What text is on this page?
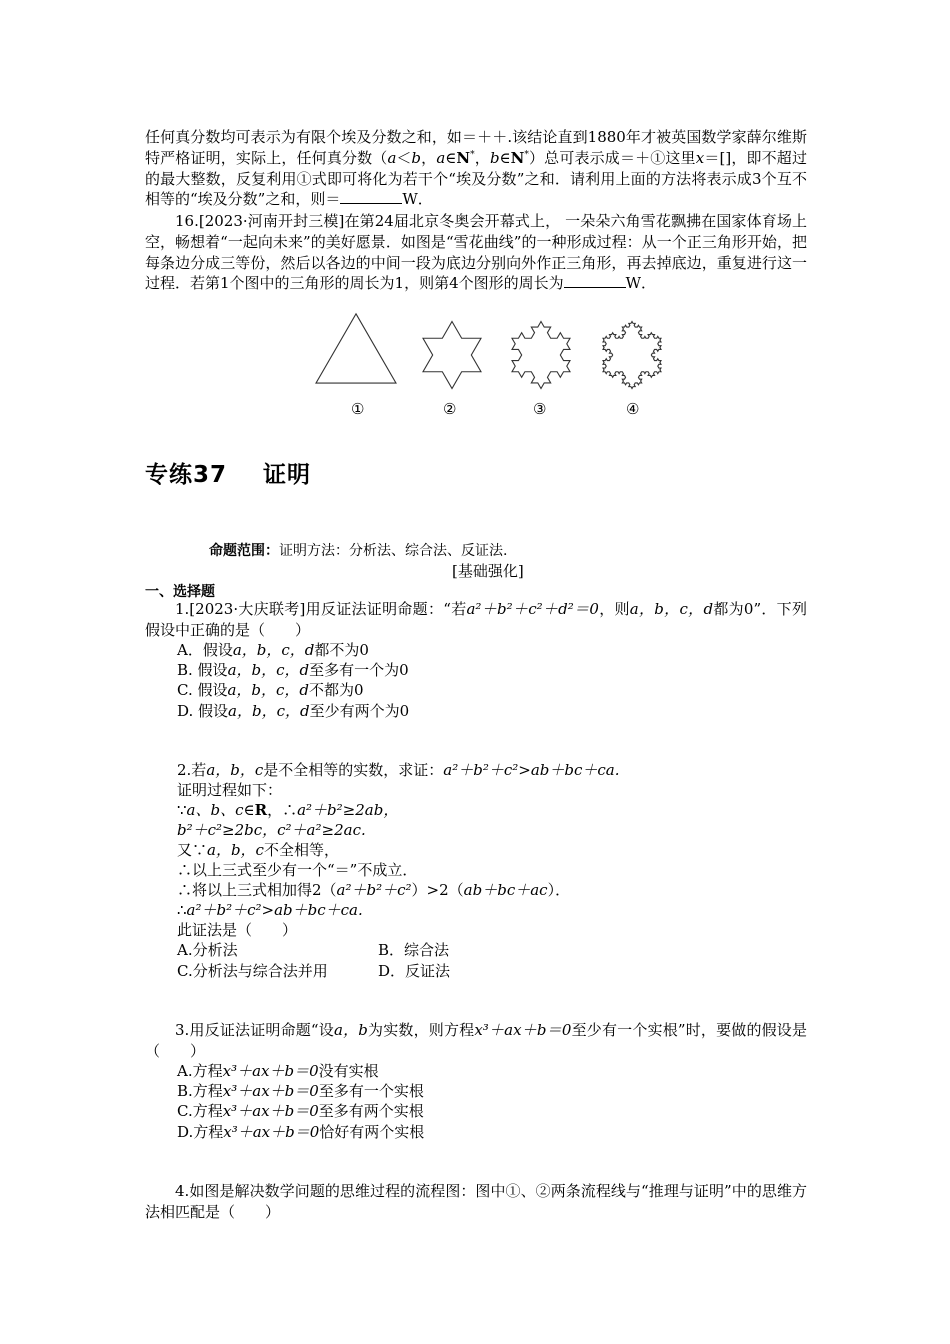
任何真分数均可表示为有限个埃及分数之和，如＝＋＋.该结论直到1880年才被英国数学家薛尔维斯特严格证明，实际上，任何真分数（a＜b，a∈N*，b∈N*）总可表示成＝＋①这里x＝[]，即不超过的最大整数，反复利用①式即可将化为若干个“埃及分数”之和．请利用上面的方法将表示成3个互不相等的“埃及分数”之和，则＝	W．

16.[2023·河南开封三模]在第24届北京冬奥会开幕式上， 一朵朵六角雪花飘拂在国家体育场上空，畅想着“一起向未来”的美好愿景．如图是“雪花曲线”的一种形成过程：从一个正三角形开始，把每条边分成三等份，然后以各边的中间一段为底边分别向外作正三角形，再去掉底边，重复进行这一过程．若第1个图中的三角形的周长为1，则第4个图形的周长为	W．

①	②	③	④
专练37    证明
命题范围：证明方法：分析法、综合法、反证法.
[基础强化]
一、选择题

1.[2023·大庆联考]用反证法证明命题：“若a²＋b²＋c²＋d²＝0，则a，b，c，d都为0”．下列假设中正确的是（　　）

A．假设a，b，c，d都不为0

B. 假设a，b，c，d至多有一个为0

C. 假设a，b，c，d不都为0

D. 假设a，b，c，d至少有两个为0

2.若a，b，c是不全相等的实数，求证：a²＋b²＋c²>ab＋bc＋ca.

证明过程如下：

∵a、b、c∈R，∴a²＋b²≥2ab，

b²＋c²≥2bc，c²＋a²≥2ac.

又∵a，b，c不全相等，

∴以上三式至少有一个“＝”不成立．

∴将以上三式相加得2（a²＋b²＋c²）>2（ab＋bc＋ac）．

∴a²＋b²＋c²>ab＋bc＋ca.

此证法是（　　）

A.分析法	B．综合法

C.分析法与综合法并用	D．反证法

3.用反证法证明命题“设a，b为实数，则方程x³＋ax＋b＝0至少有一个实根”时，要做的假设是（　　）

A.方程x³＋ax＋b＝0没有实根

B.方程x³＋ax＋b＝0至多有一个实根

C.方程x³＋ax＋b＝0至多有两个实根

D.方程x³＋ax＋b＝0恰好有两个实根

4.如图是解决数学问题的思维过程的流程图：图中①、②两条流程线与“推理与证明”中的思维方法相匹配是（　　）
